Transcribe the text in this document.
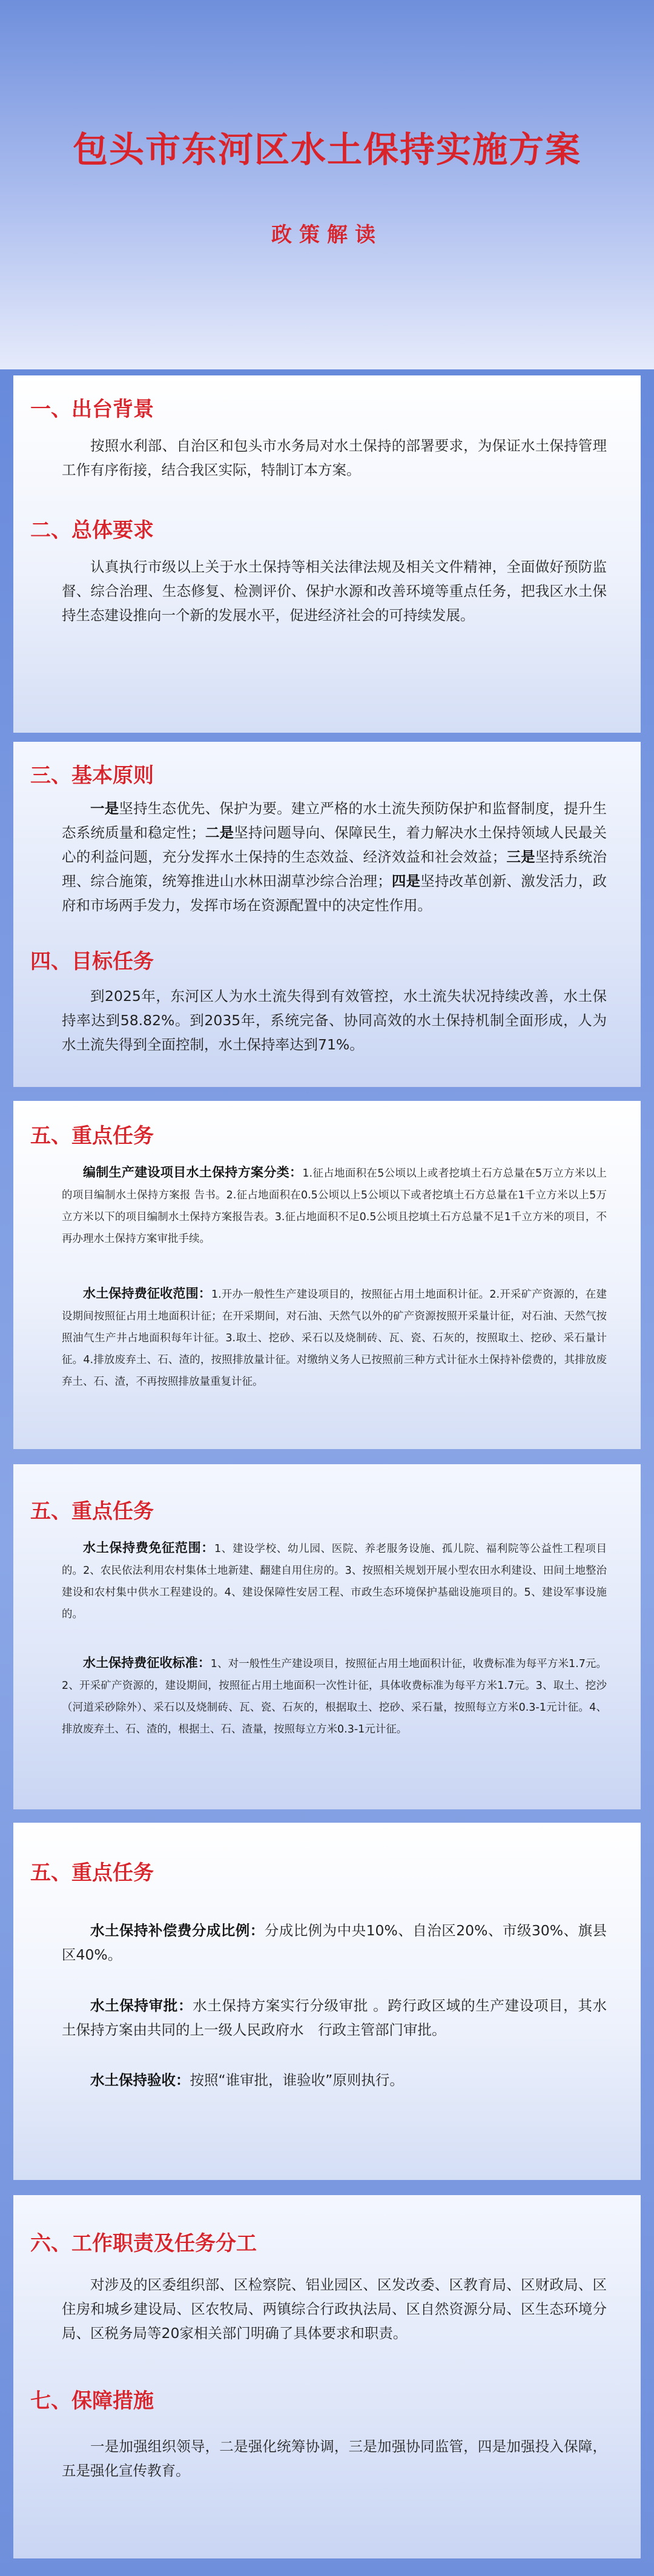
包头市东河区水土保持实施方案
政策解读
一、出台背景
按照水利部、自治区和包头市水务局对水土保持的部署要求，为保证水土保持管理工作有序衔接，结合我区实际，特制订本方案。
二、总体要求
认真执行市级以上关于水土保持等相关法律法规及相关文件精神，全面做好预防监督、综合治理、生态修复、检测评价、保护水源和改善环境等重点任务，把我区水土保持生态建设推向一个新的发展水平，促进经济社会的可持续发展。
三、基本原则
一是坚持生态优先、保护为要。建立严格的水土流失预防保护和监督制度，提升生态系统质量和稳定性；二是坚持问题导向、保障民生，着力解决水土保持领域人民最关心的利益问题，充分发挥水土保持的生态效益、经济效益和社会效益；三是坚持系统治理、综合施策，统筹推进山水林田湖草沙综合治理；四是坚持改革创新、激发活力，政府和市场两手发力，发挥市场在资源配置中的决定性作用。
四、目标任务
到2025年，东河区人为水土流失得到有效管控，水土流失状况持续改善，水土保持率达到58.82%。到2035年，系统完备、协同高效的水土保持机制全面形成，人为水土流失得到全面控制，水土保持率达到71%。
五、重点任务
编制生产建设项目水土保持方案分类：1.征占地面积在5公顷以上或者挖填土石方总量在5万立方米以上的项目编制水土保持方案报 告书。2.征占地面积在0.5公顷以上5公顷以下或者挖填土石方总量在1千立方米以上5万立方米以下的项目编制水土保持方案报告表。3.征占地面积不足0.5公顷且挖填土石方总量不足1千立方米的项目，不再办理水土保持方案审批手续。
水土保持费征收范围：1.开办一般性生产建设项目的，按照征占用土地面积计征。2.开采矿产资源的，在建设期间按照征占用土地面积计征；在开采期间，对石油、天然气以外的矿产资源按照开采量计征，对石油、天然气按照油气生产井占地面积每年计征。3.取土、挖砂、采石以及烧制砖、瓦、瓷、石灰的，按照取土、挖砂、采石量计征。4.排放废弃土、石、渣的，按照排放量计征。对缴纳义务人已按照前三种方式计征水土保持补偿费的，其排放废弃土、石、渣，不再按照排放量重复计征。
五、重点任务
水土保持费免征范围：1、建设学校、幼儿园、医院、养老服务设施、孤儿院、福利院等公益性工程项目的。2、农民依法利用农村集体土地新建、翻建自用住房的。3、按照相关规划开展小型农田水利建设、田间土地整治建设和农村集中供水工程建设的。4、建设保障性安居工程、市政生态环境保护基础设施项目的。5、建设军事设施的。
水土保持费征收标准：1、对一般性生产建设项目，按照征占用土地面积计征，收费标准为每平方米1.7元。2、开采矿产资源的，建设期间，按照征占用土地面积一次性计征，具体收费标准为每平方米1.7元。3、取土、挖沙（河道采砂除外）、采石以及烧制砖、瓦、瓷、石灰的，根据取土、挖砂、采石量，按照每立方米0.3-1元计征。4、排放废弃土、石、渣的，根据土、石、渣量，按照每立方米0.3-1元计征。
五、重点任务
水土保持补偿费分成比例：分成比例为中央10%、自治区20%、市级30%、旗县区40%。
水土保持审批：水土保持方案实行分级审批 。跨行政区域的生产建设项目，其水土保持方案由共同的上一级人民政府水　行政主管部门审批。
水土保持验收：按照“谁审批，谁验收”原则执行。
六、工作职责及任务分工
对涉及的区委组织部、区检察院、铝业园区、区发改委、区教育局、区财政局、区住房和城乡建设局、区农牧局、两镇综合行政执法局、区自然资源分局、区生态环境分局、区税务局等20家相关部门明确了具体要求和职责。
七、保障措施
一是加强组织领导，二是强化统筹协调，三是加强协同监管，四是加强投入保障，五是强化宣传教育。
